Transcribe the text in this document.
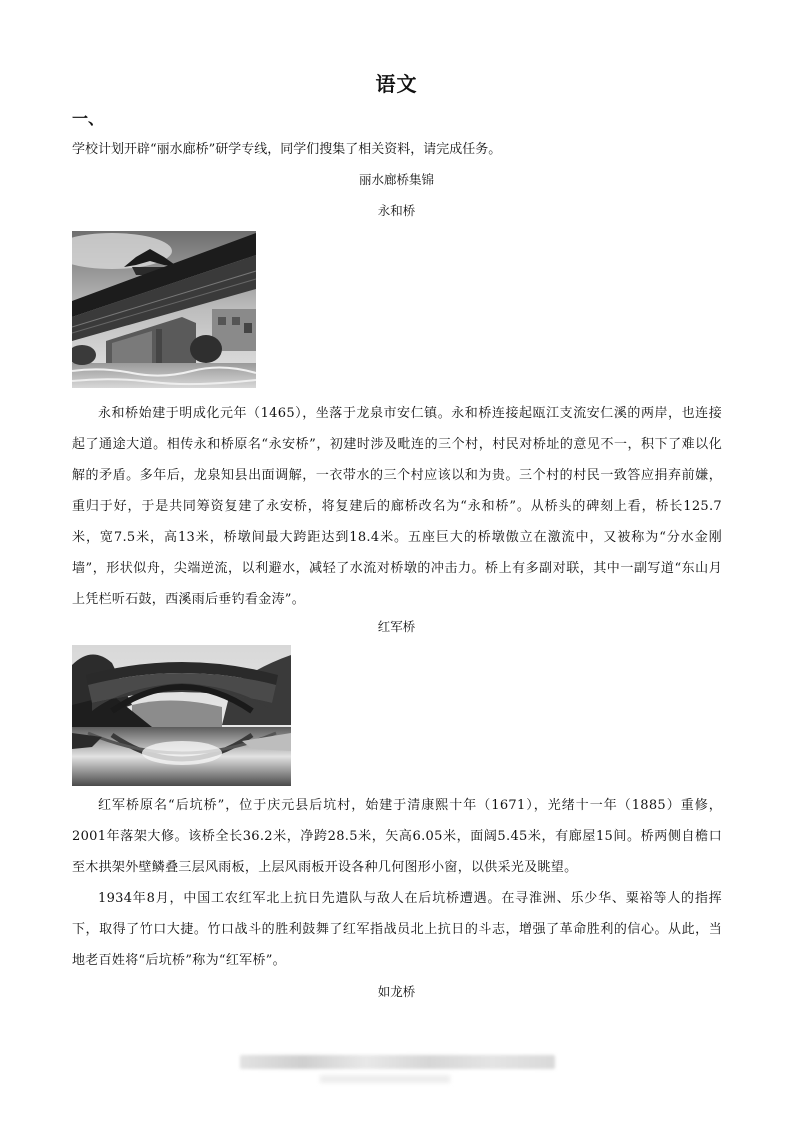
语文
一、
学校计划开辟“丽水廊桥”研学专线，同学们搜集了相关资料，请完成任务。
丽水廊桥集锦
永和桥

永和桥始建于明成化元年（1465），坐落于龙泉市安仁镇。永和桥连接起瓯江支流安仁溪的两岸，也连接起了通途大道。相传永和桥原名“永安桥”，初建时涉及毗连的三个村，村民对桥址的意见不一，积下了难以化解的矛盾。多年后，龙泉知县出面调解，一衣带水的三个村应该以和为贵。三个村的村民一致答应捐弃前嫌，重归于好，于是共同筹资复建了永安桥，将复建后的廊桥改名为“永和桥”。从桥头的碑刻上看，桥长125.7米，宽7.5米，高13米，桥墩间最大跨距达到18.4米。五座巨大的桥墩傲立在激流中，又被称为“分水金刚墙”，形状似舟，尖端逆流，以利避水，减轻了水流对桥墩的冲击力。桥上有多副对联，其中一副写道“东山月上凭栏听石鼓，西溪雨后垂钓看金涛”。

红军桥

红军桥原名“后坑桥”，位于庆元县后坑村，始建于清康熙十年（1671），光绪十一年（1885）重修，2001年落架大修。该桥全长36.2米，净跨28.5米，矢高6.05米，面阔5.45米，有廊屋15间。桥两侧自檐口至木拱架外壁鳞叠三层风雨板，上层风雨板开设各种几何图形小窗，以供采光及眺望。

1934年8月，中国工农红军北上抗日先遣队与敌人在后坑桥遭遇。在寻淮洲、乐少华、粟裕等人的指挥下，取得了竹口大捷。竹口战斗的胜利鼓舞了红军指战员北上抗日的斗志，增强了革命胜利的信心。从此，当地老百姓将“后坑桥”称为“红军桥”。

如龙桥
